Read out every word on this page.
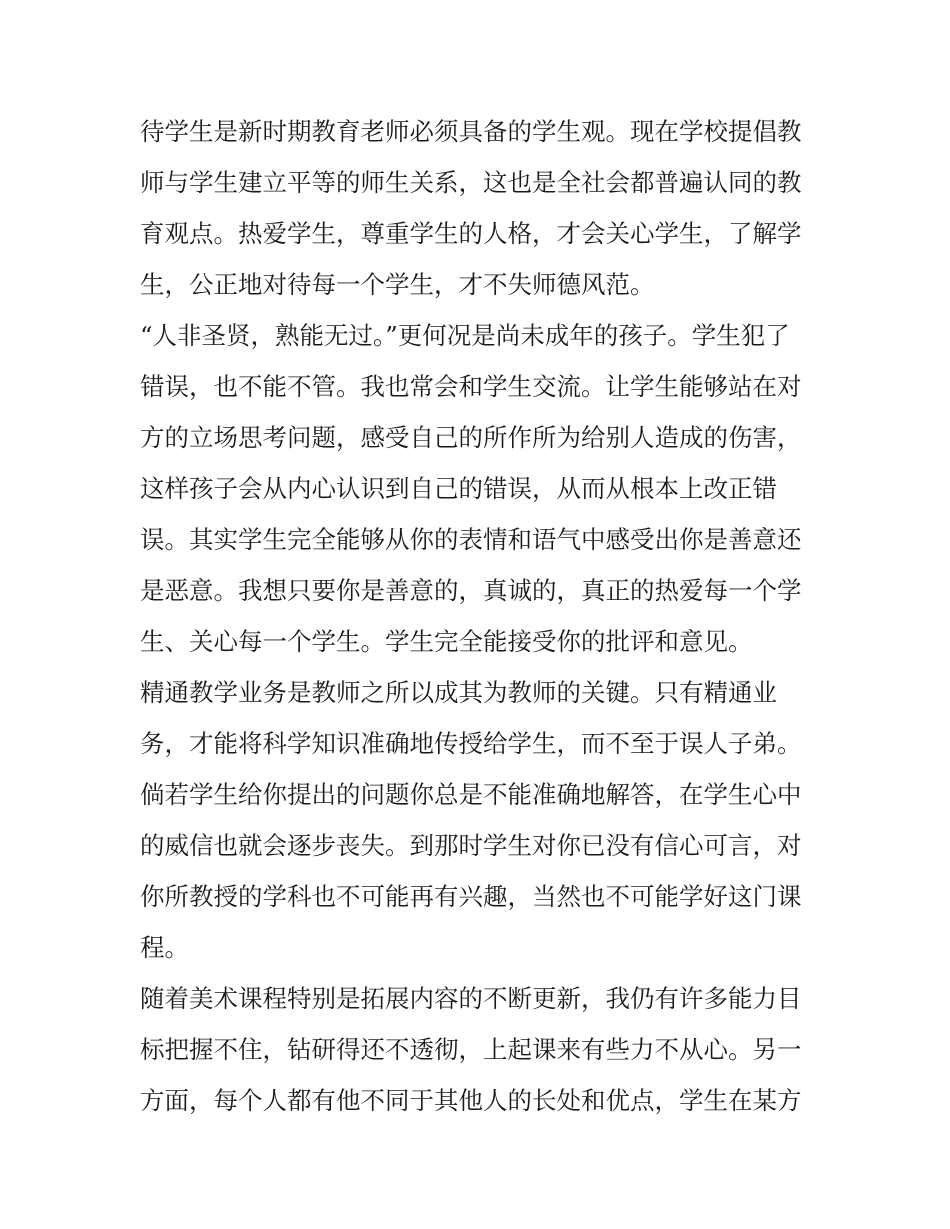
待学生是新时期教育老师必须具备的学生观。现在学校提倡教
师与学生建立平等的师生关系，这也是全社会都普遍认同的教
育观点。热爱学生，尊重学生的人格，才会关心学生，了解学
生，公正地对待每一个学生，才不失师德风范。
“人非圣贤，熟能无过。”更何况是尚未成年的孩子。学生犯了
错误，也不能不管。我也常会和学生交流。让学生能够站在对
方的立场思考问题，感受自己的所作所为给别人造成的伤害，
这样孩子会从内心认识到自己的错误，从而从根本上改正错
误。其实学生完全能够从你的表情和语气中感受出你是善意还
是恶意。我想只要你是善意的，真诚的，真正的热爱每一个学
生、关心每一个学生。学生完全能接受你的批评和意见。
精通教学业务是教师之所以成其为教师的关键。只有精通业
务，才能将科学知识准确地传授给学生，而不至于误人子弟。
倘若学生给你提出的问题你总是不能准确地解答，在学生心中
的威信也就会逐步丧失。到那时学生对你已没有信心可言，对
你所教授的学科也不可能再有兴趣，当然也不可能学好这门课
程。
随着美术课程特别是拓展内容的不断更新，我仍有许多能力目
标把握不住，钻研得还不透彻，上起课来有些力不从心。另一
方面，每个人都有他不同于其他人的长处和优点，学生在某方
